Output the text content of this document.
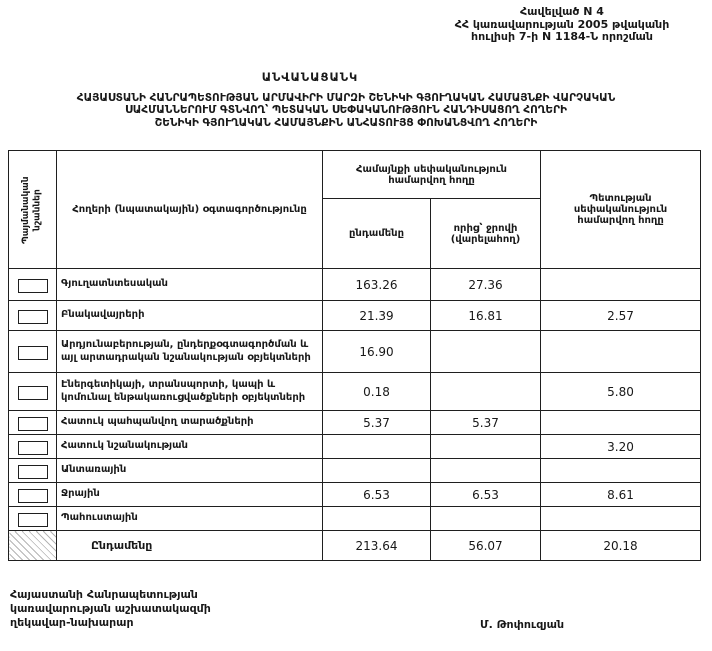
Հավելված N 4
ՀՀ կառավարության 2005 թվականի
հուլիսի 7-ի N 1184-Ն որոշման
ԱՆՎԱՆԱՑԱՆԿ
ՀԱՅԱՍՏԱՆԻ ՀԱՆՐԱՊԵՏՈՒԹՅԱՆ ԱՐՄԱՎԻՐԻ ՄԱՐԶԻ ՇԵՆԻԿԻ ԳՅՈՒՂԱԿԱՆ ՀԱՄԱՅՆՔԻ ՎԱՐՉԱԿԱՆ
ՍԱՀՄԱՆՆԵՐՈՒՄ ԳՏՆՎՈՂ՝ ՊԵՏԱԿԱՆ ՍԵՓԱԿԱՆՈՒԹՅՈՒՆ ՀԱՆԴԻՍԱՑՈՂ ՀՈՂԵՐԻ
ՇԵՆԻԿԻ ԳՅՈՒՂԱԿԱՆ ՀԱՄԱՅՆՔԻՆ ԱՆՀԱՏՈՒՅՑ ՓՈԽԱՆՑՎՈՂ ՀՈՂԵՐԻ
Պայմանական նշաններ	Հողերի (նպատակային) օգտագործությունը	Համայնքի սեփականություն համարվող հողը		Պետության սեփականություն համարվող հողը
		ընդամենը	որից՝ ջրովի (վարելահող)	
	Գյուղատնտեսական	163.26	27.36	
	Բնակավայրերի	21.39	16.81	2.57
	Արդյունաբերության, ընդերքօգտագործման և այլ արտադրական նշանակության օբյեկտների	16.90		
	Էներգետիկայի, տրանսպորտի, կապի և կոմունալ ենթակառուցվածքների օբյեկտների	0.18		5.80
	Հատուկ պահպանվող տարածքների	5.37	5.37	
	Հատուկ նշանակության			3.20
	Անտառային			
	Ջրային	6.53	6.53	8.61
	Պահուստային			
	Ընդամենը	213.64	56.07	20.18
Հայաստանի Հանրապետության
կառավարության աշխատակազմի
ղեկավար-նախարար	Մ. Թոփուզյան
